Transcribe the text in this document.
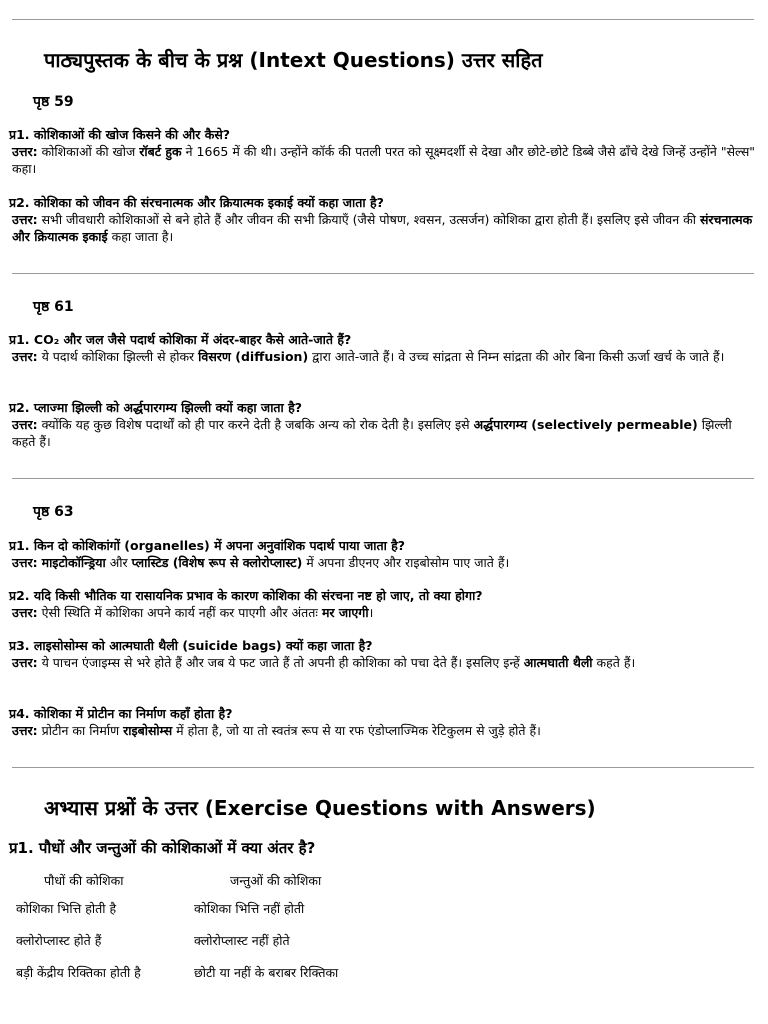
पाठ्यपुस्तक के बीच के प्रश्न (Intext Questions) उत्तर सहित
पृष्ठ 59
प्र1. कोशिकाओं की खोज किसने की और कैसे?
उत्तर: कोशिकाओं की खोज रॉबर्ट हुक ने 1665 में की थी। उन्होंने कॉर्क की पतली परत को सूक्ष्मदर्शी से देखा और छोटे-छोटे डिब्बे जैसे ढाँचे देखे जिन्हें उन्होंने "सेल्स" कहा।
प्र2. कोशिका को जीवन की संरचनात्मक और क्रियात्मक इकाई क्यों कहा जाता है?
उत्तर: सभी जीवधारी कोशिकाओं से बने होते हैं और जीवन की सभी क्रियाएँ (जैसे पोषण, श्वसन, उत्सर्जन) कोशिका द्वारा होती हैं। इसलिए इसे जीवन की संरचनात्मक और क्रियात्मक इकाई कहा जाता है।
पृष्ठ 61
प्र1. CO₂ और जल जैसे पदार्थ कोशिका में अंदर-बाहर कैसे आते-जाते हैं?
उत्तर: ये पदार्थ कोशिका झिल्ली से होकर विसरण (diffusion) द्वारा आते-जाते हैं। वे उच्च सांद्रता से निम्न सांद्रता की ओर बिना किसी ऊर्जा खर्च के जाते हैं।
प्र2. प्लाज्मा झिल्ली को अर्द्धपारगम्य झिल्ली क्यों कहा जाता है?
उत्तर: क्योंकि यह कुछ विशेष पदार्थों को ही पार करने देती है जबकि अन्य को रोक देती है। इसलिए इसे अर्द्धपारगम्य (selectively permeable) झिल्ली कहते हैं।
पृष्ठ 63
प्र1. किन दो कोशिकांगों (organelles) में अपना अनुवांशिक पदार्थ पाया जाता है?
उत्तर: माइटोकॉन्ड्रिया और प्लास्टिड (विशेष रूप से क्लोरोप्लास्ट) में अपना डीएनए और राइबोसोम पाए जाते हैं।
प्र2. यदि किसी भौतिक या रासायनिक प्रभाव के कारण कोशिका की संरचना नष्ट हो जाए, तो क्या होगा?
उत्तर: ऐसी स्थिति में कोशिका अपने कार्य नहीं कर पाएगी और अंततः मर जाएगी।
प्र3. लाइसोसोम्स को आत्मघाती थैली (suicide bags) क्यों कहा जाता है?
उत्तर: ये पाचन एंजाइम्स से भरे होते हैं और जब ये फट जाते हैं तो अपनी ही कोशिका को पचा देते हैं। इसलिए इन्हें आत्मघाती थैली कहते हैं।
प्र4. कोशिका में प्रोटीन का निर्माण कहाँ होता है?
उत्तर: प्रोटीन का निर्माण राइबोसोम्स में होता है, जो या तो स्वतंत्र रूप से या रफ एंडोप्लाज्मिक रेटिकुलम से जुड़े होते हैं।
अभ्यास प्रश्नों के उत्तर (Exercise Questions with Answers)
प्र1. पौधों और जन्तुओं की कोशिकाओं में क्या अंतर है?
पौधों की कोशिका	जन्तुओं की कोशिका
कोशिका भित्ति होती है	कोशिका भित्ति नहीं होती
क्लोरोप्लास्ट होते हैं	क्लोरोप्लास्ट नहीं होते
बड़ी केंद्रीय रिक्तिका होती है	छोटी या नहीं के बराबर रिक्तिका
